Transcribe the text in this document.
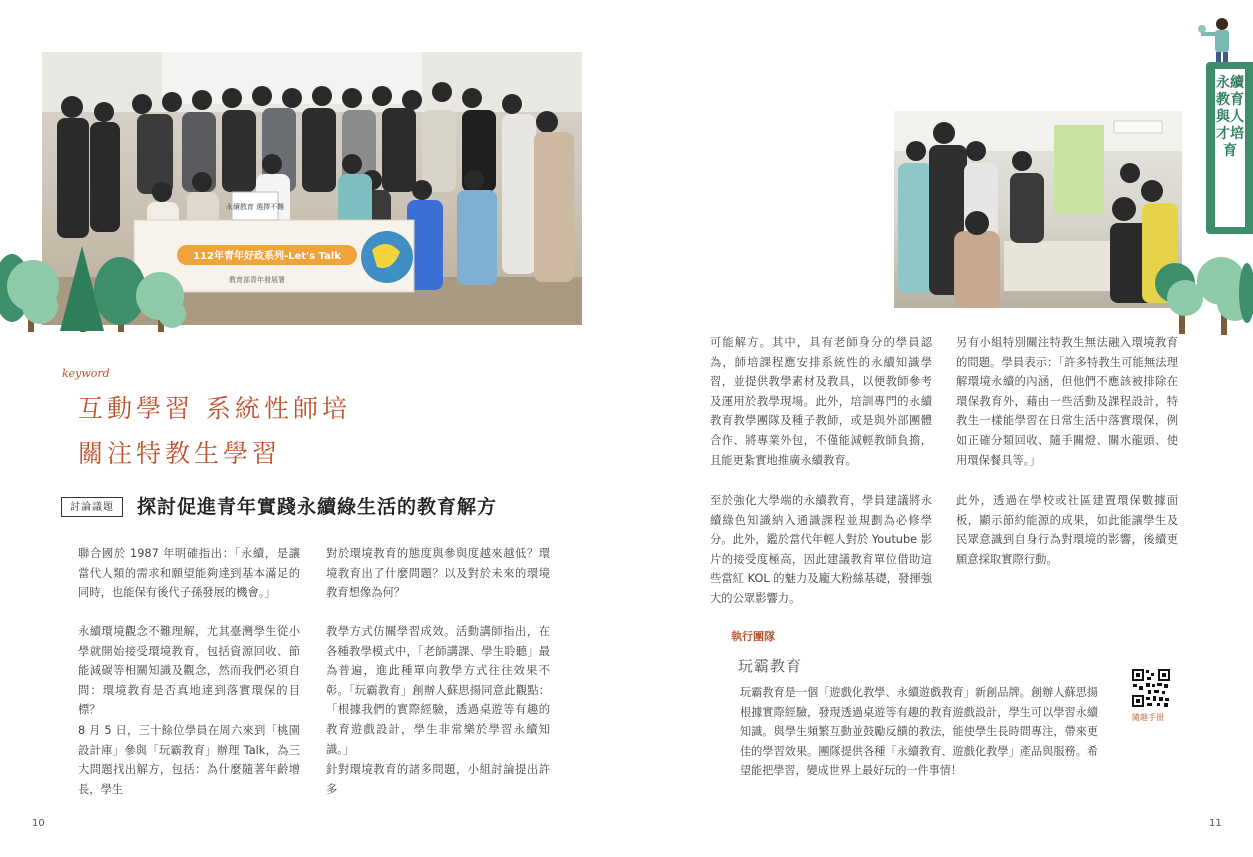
112年青年好政系列-Let's Talk
教育部青年發展署
永續教育 選擇不難
keyword
互動學習 系統性師培
關注特教生學習
討論議題	探討促進青年實踐永續綠生活的教育解方
聯合國於 1987 年明確指出：「永續，是讓當代人類的需求和願望能夠達到基本滿足的同時，也能保有後代子孫發展的機會。」
永續環境觀念不難理解，尤其臺灣學生從小學就開始接受環境教育，包括資源回收、節能減碳等相關知識及觀念，然而我們必須自問：環境教育是否真地達到落實環保的目標？
8 月 5 日，三十餘位學員在周六來到「桃園設計庫」參與「玩霸教育」辦理 Talk，為三大問題找出解方，包括：為什麼隨著年齡增長，學生
對於環境教育的態度與參與度越來越低？環境教育出了什麼問題？以及對於未來的環境教育想像為何？
教學方式仿關學習成效。活動講師指出，在各種教學模式中，「老師講課、學生聆聽」最為普遍，進此種單向教學方式往往效果不彰。「玩霸教育」創辦人蘇思揚同意此觀點：「根據我們的實際經驗，透過桌遊等有趣的教育遊戲設計，學生非常樂於學習永續知識。」
針對環境教育的諸多問題，小組討論提出許多
10
永續教育與人才培育
可能解方。其中，具有老師身分的學員認為，師培課程應安排系統性的永續知識學習，並提供教學素材及教具，以便教師參考及運用於教學現場。此外，培訓專門的永續教育教學團隊及種子教師，或是與外部團體合作、將專業外包，不僅能減輕教師負擔，且能更紮實地推廣永續教育。
至於強化大學端的永續教育，學員建議將永續綠色知識納入通識課程並規劃為必修學分。此外，鑑於當代年輕人對於 Youtube 影片的接受度極高，因此建議教育單位借助這些當紅 KOL 的魅力及龐大粉絲基礎，發揮強大的公眾影響力。
另有小組特別關注特教生無法融入環境教育的問題。學員表示：「許多特教生可能無法理解環境永續的內涵，但他們不應該被排除在環保教育外，藉由一些活動及課程設計，特教生一樣能學習在日常生活中落實環保，例如正確分類回收、隨手關燈、關水龍頭、使用環保餐具等。」
此外，透過在學校或社區建置環保數據面板，顯示節約能源的成果，如此能讓學生及民眾意識到自身行為對環境的影響，後續更願意採取實際行動。
執行團隊
玩霸教育
玩霸教育是一個「遊戲化教學、永續遊戲教育」新創品牌。創辦人蘇思揚根據實際經驗，發現透過桌遊等有趣的教育遊戲設計，學生可以學習永續知識。與學生頻繁互動並鼓勵反饋的教法，能使學生長時間專注，帶來更佳的學習效果。團隊提供各種「永續教育、遊戲化教學」產品與服務。希望能把學習，變成世界上最好玩的一件事情！
隨趣手冊
11
